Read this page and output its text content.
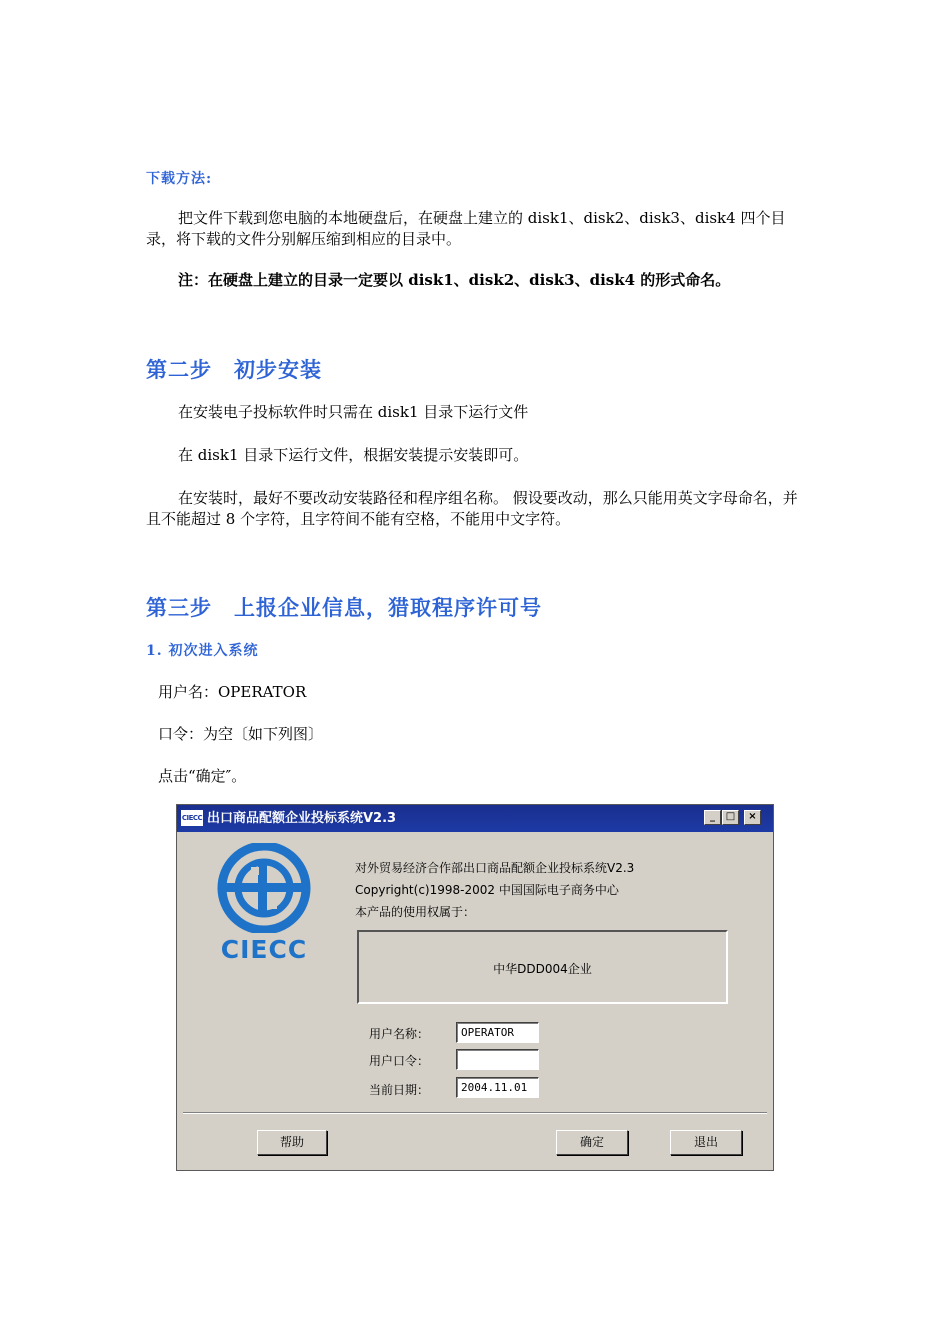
下载方法:
把文件下载到您电脑的本地硬盘后，在硬盘上建立的 disk1、disk2、disk3、disk4 四个目录，将下载的文件分别解压缩到相应的目录中。
注：在硬盘上建立的目录一定要以 disk1、disk2、disk3、disk4 的形式命名。
第二步　初步安装
在安装电子投标软件时只需在 disk1 目录下运行文件
在 disk1 目录下运行文件，根据安装提示安装即可。
在安装时，最好不要改动安装路径和程序组名称。 假设要改动，那么只能用英文字母命名，并且不能超过 8 个字符，且字符间不能有空格，不能用中文字符。
第三步　上报企业信息，猎取程序许可号
1. 初次进入系统
用户名：OPERATOR
口令：为空〔如下列图〕
点击“确定″。
CIECC 出口商品配额企业投标系统V2.3	_	□	×
CIECC
对外贸易经济合作部出口商品配额企业投标系统V2.3
Copyright(c)1998-2002 中国国际电子商务中心
本产品的使用权属于：
中华DDD004企业
用户名称：	OPERATOR
用户口令：
当前日期：	2004.11.01
帮助	确定	退出
